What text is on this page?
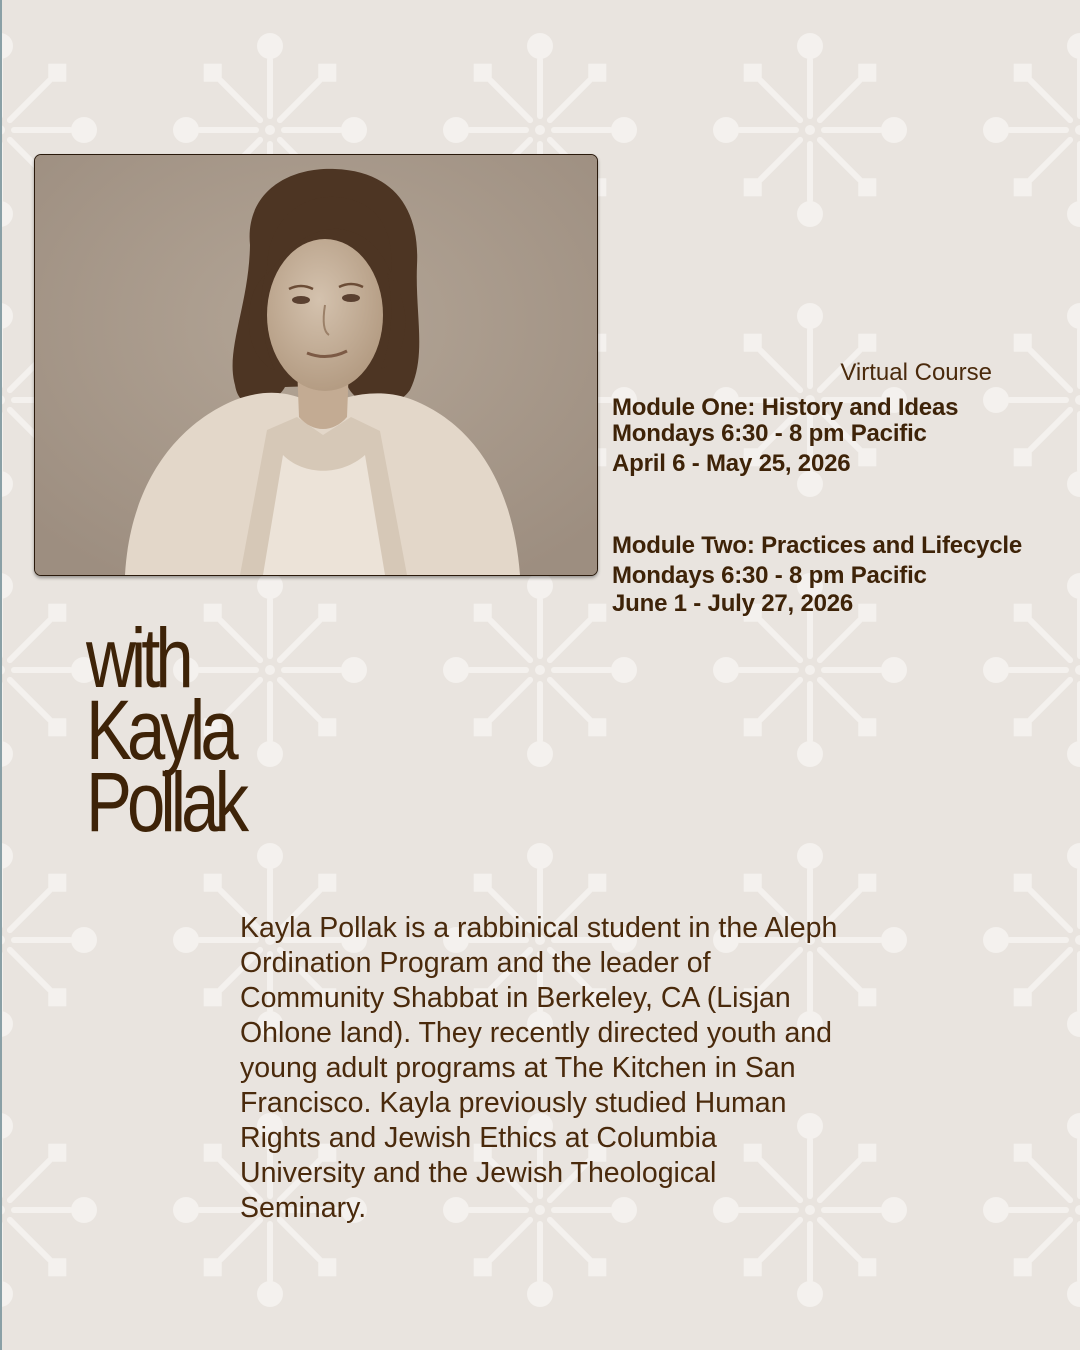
Virtual Course
Module One: History and Ideas
Mondays 6:30 - 8 pm Pacific
April 6 - May 25, 2026
Module Two: Practices and Lifecycle
Mondays 6:30 - 8 pm Pacific
June 1 - July 27, 2026
with
Kayla
Pollak
Kayla Pollak is a rabbinical student in the Aleph Ordination Program and the leader of Community Shabbat in Berkeley, CA (Lisjan Ohlone land). They recently directed youth and young adult programs at The Kitchen in San Francisco. Kayla previously studied Human Rights and Jewish Ethics at Columbia University and the Jewish Theological Seminary.
